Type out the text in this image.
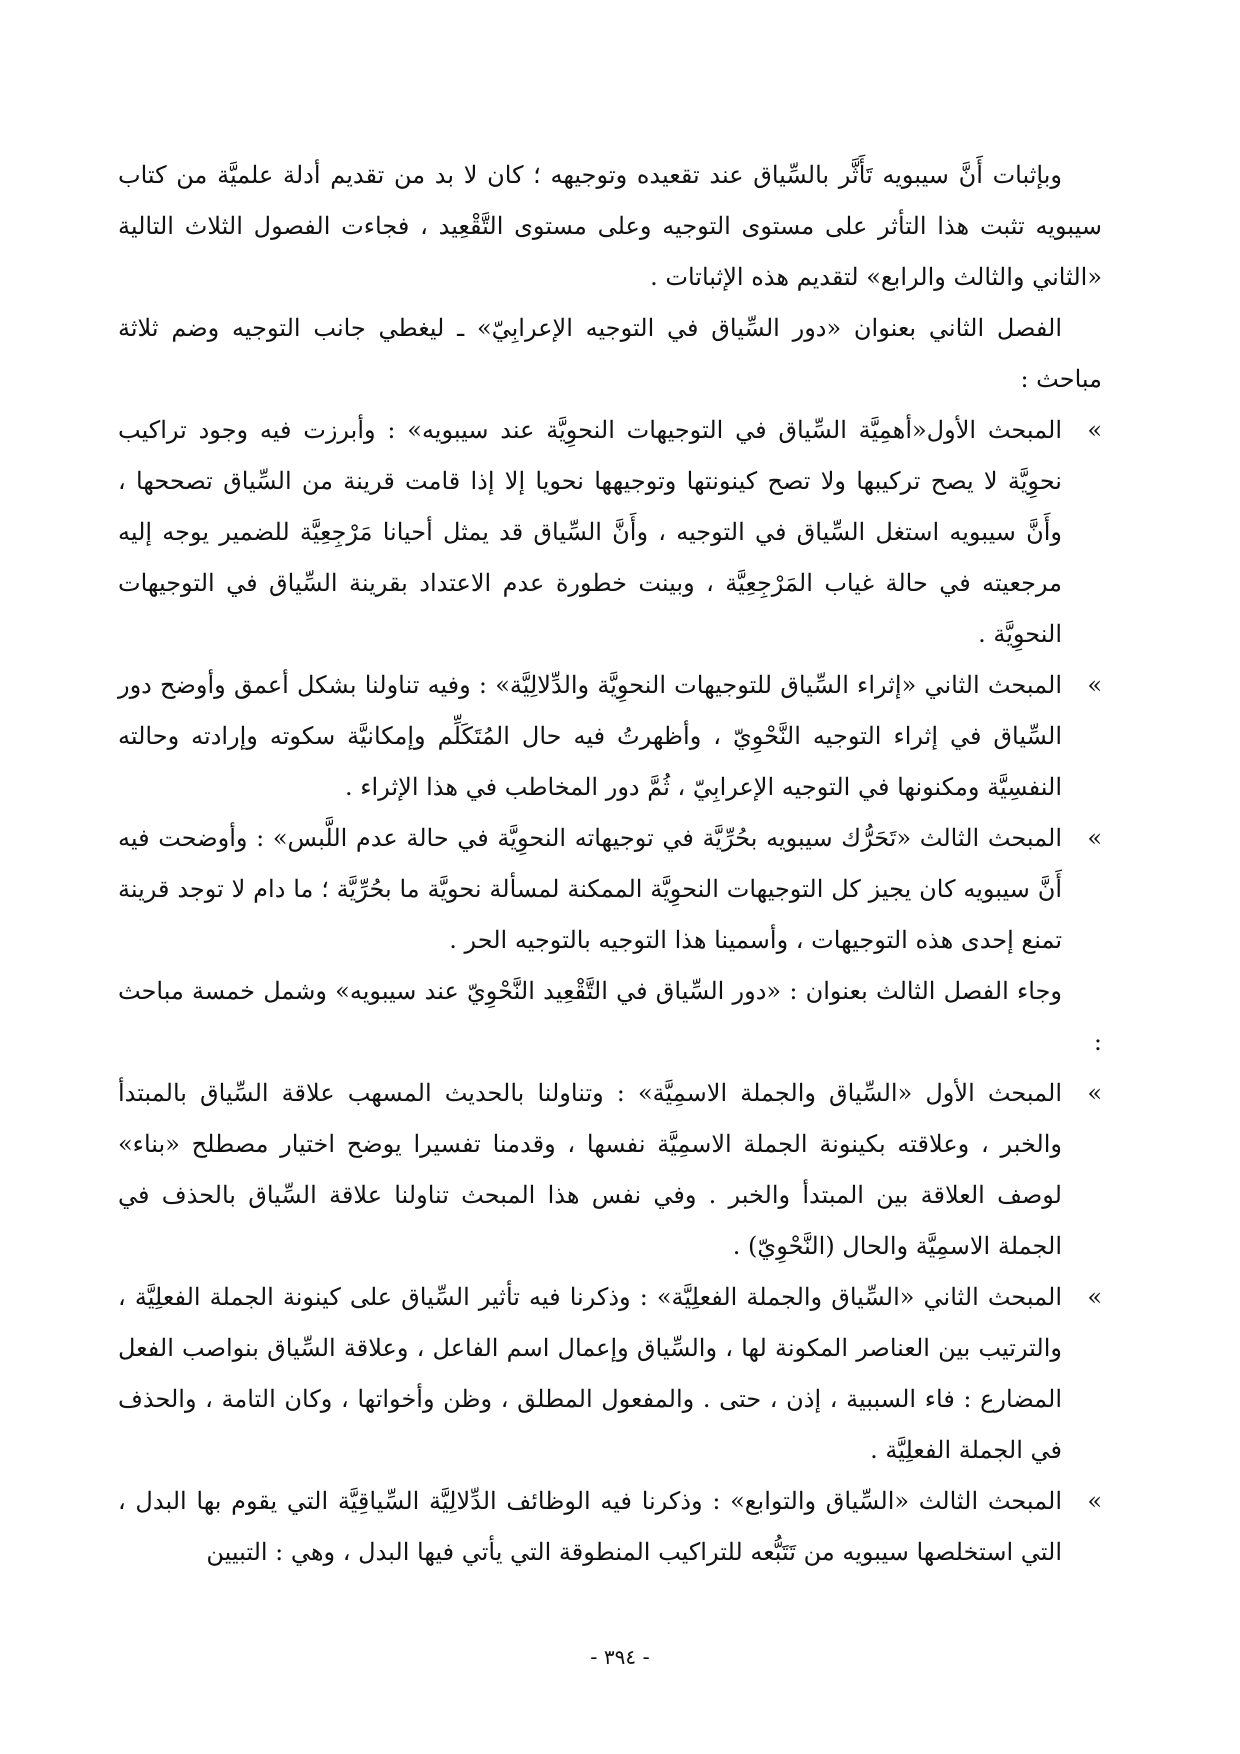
وبإثبات أَنَّ سيبويه تَأَثَّر بالسِّياق عند تقعيده وتوجيهه ؛ كان لا بد من تقديم أدلة علميَّة من كتاب سيبويه تثبت هذا التأثر على مستوى التوجيه وعلى مستوى التَّقْعِيد ، فجاءت الفصول الثلاث التالية «الثاني والثالث والرابع» لتقديم هذه الإثباتات .

الفصل الثاني بعنوان «دور السِّياق في التوجيه الإعرابِيّ» ـ ليغطي جانب التوجيه وضم ثلاثة مباحث :

»
المبحث الأول«أهمِيَّة السِّياق في التوجيهات النحوِيَّة عند سيبويه» : وأبرزت فيه وجود تراكيب نحوِيَّة لا يصح تركيبها ولا تصح كينونتها وتوجيهها نحويا إلا إذا قامت قرينة من السِّياق تصححها ، وأَنَّ سيبويه استغل السِّياق في التوجيه ، وأَنَّ السِّياق قد يمثل أحيانا مَرْجِعِيَّة للضمير يوجه إليه مرجعيته في حالة غياب المَرْجِعِيَّة ، وبينت خطورة عدم الاعتداد بقرينة السِّياق في التوجيهات النحوِيَّة .
»
المبحث الثاني «إثراء السِّياق للتوجيهات النحوِيَّة والدِّلالِيَّة» : وفيه تناولنا بشكل أعمق وأوضح دور السِّياق في إثراء التوجيه النَّحْوِيّ ، وأظهرتُ فيه حال المُتَكَلِّم وإمكانيَّة سكوته وإرادته وحالته النفسِيَّة ومكنونها في التوجيه الإعرابِيّ ، ثُمَّ دور المخاطب في هذا الإثراء .
»
المبحث الثالث «تَحَرُّك سيبويه بحُرِّيَّة في توجيهاته النحوِيَّة في حالة عدم اللَّبس» : وأوضحت فيه أَنَّ سيبويه كان يجيز كل التوجيهات النحوِيَّة الممكنة لمسألة نحويَّة ما بحُرِّيَّة ؛ ما دام لا توجد قرينة تمنع إحدى هذه التوجيهات ، وأسمينا هذا التوجيه بالتوجيه الحر .

وجاء الفصل الثالث بعنوان : «دور السِّياق في التَّقْعِيد النَّحْوِيّ عند سيبويه» وشمل خمسة مباحث :

»
المبحث الأول «السِّياق والجملة الاسمِيَّة» : وتناولنا بالحديث المسهب علاقة السِّياق بالمبتدأ والخبر ، وعلاقته بكينونة الجملة الاسمِيَّة نفسها ، وقدمنا تفسيرا يوضح اختيار مصطلح «بناء» لوصف العلاقة بين المبتدأ والخبر . وفي نفس هذا المبحث تناولنا علاقة السِّياق بالحذف في الجملة الاسمِيَّة والحال (النَّحْوِيّ) .
»
المبحث الثاني «السِّياق والجملة الفعلِيَّة» : وذكرنا فيه تأثير السِّياق على كينونة الجملة الفعلِيَّة ، والترتيب بين العناصر المكونة لها ، والسِّياق وإعمال اسم الفاعل ، وعلاقة السِّياق بنواصب الفعل المضارع : فاء السببية ، إذن ، حتى . والمفعول المطلق ، وظن وأخواتها ، وكان التامة ، والحذف في الجملة الفعلِيَّة .
»
المبحث الثالث «السِّياق والتوابع» : وذكرنا فيه الوظائف الدِّلالِيَّة السِّياقِيَّة التي يقوم بها البدل ، التي استخلصها سيبويه من تَتَبُّعه للتراكيب المنطوقة التي يأتي فيها البدل ، وهي : التبيين
- ٣٩٤ -
